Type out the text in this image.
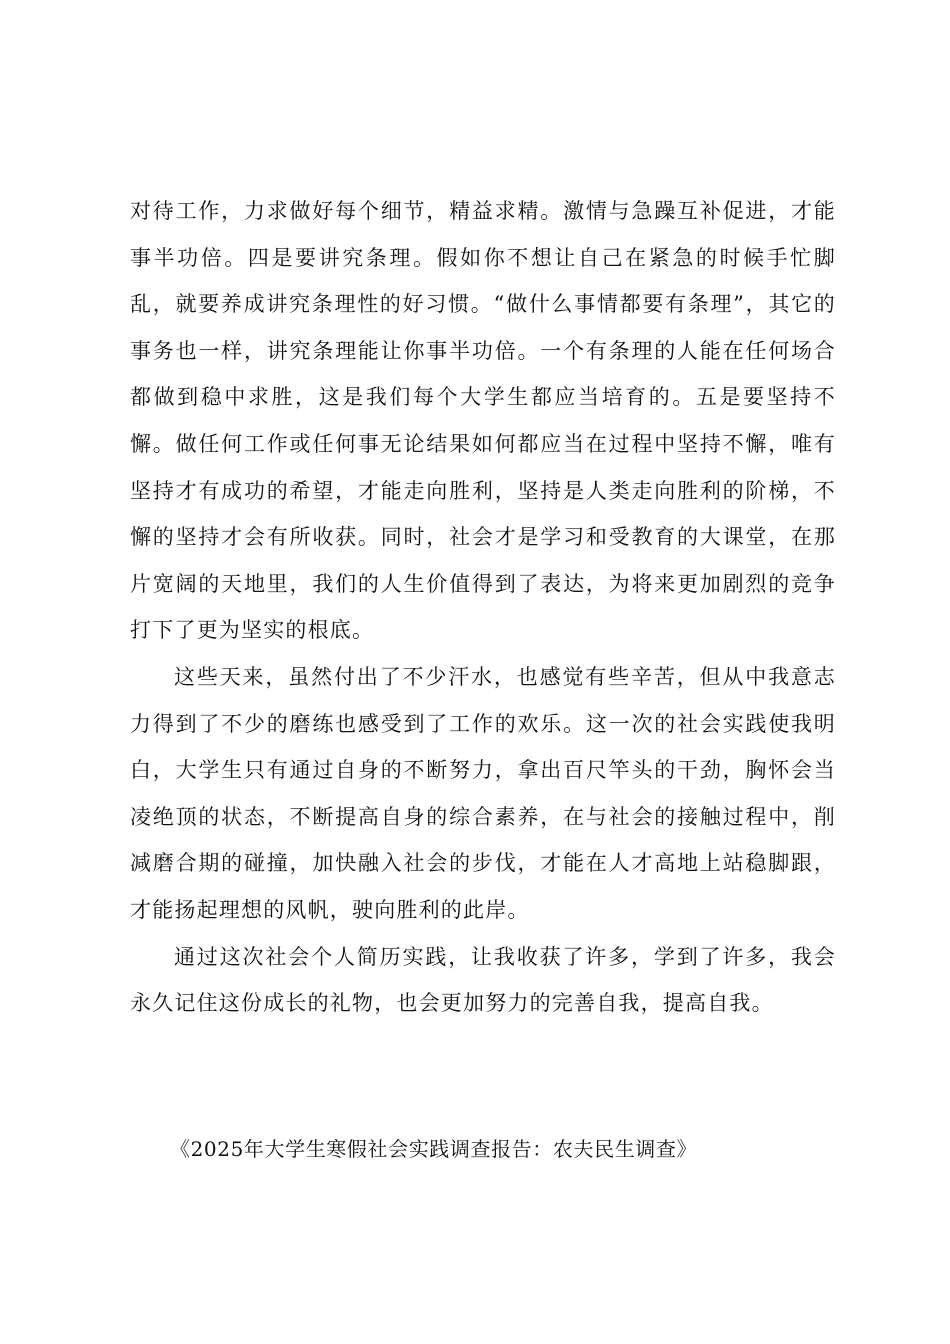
对待工作，力求做好每个细节，精益求精。激情与急躁互补促进，才能事半功倍。四是要讲究条理。假如你不想让自己在紧急的时候手忙脚乱，就要养成讲究条理性的好习惯。“做什么事情都要有条理”，其它的事务也一样，讲究条理能让你事半功倍。一个有条理的人能在任何场合都做到稳中求胜，这是我们每个大学生都应当培育的。五是要坚持不懈。做任何工作或任何事无论结果如何都应当在过程中坚持不懈，唯有坚持才有成功的希望，才能走向胜利，坚持是人类走向胜利的阶梯，不懈的坚持才会有所收获。同时，社会才是学习和受教育的大课堂，在那片宽阔的天地里，我们的人生价值得到了表达，为将来更加剧烈的竞争打下了更为坚实的根底。

这些天来，虽然付出了不少汗水，也感觉有些辛苦，但从中我意志力得到了不少的磨练也感受到了工作的欢乐。这一次的社会实践使我明白，大学生只有通过自身的不断努力，拿出百尺竿头的干劲，胸怀会当凌绝顶的状态，不断提高自身的综合素养，在与社会的接触过程中，削减磨合期的碰撞，加快融入社会的步伐，才能在人才高地上站稳脚跟，才能扬起理想的风帆，驶向胜利的此岸。

通过这次社会个人简历实践，让我收获了许多，学到了许多，我会永久记住这份成长的礼物，也会更加努力的完善自我，提高自我。

《2025年大学生寒假社会实践调查报告：农夫民生调查》
